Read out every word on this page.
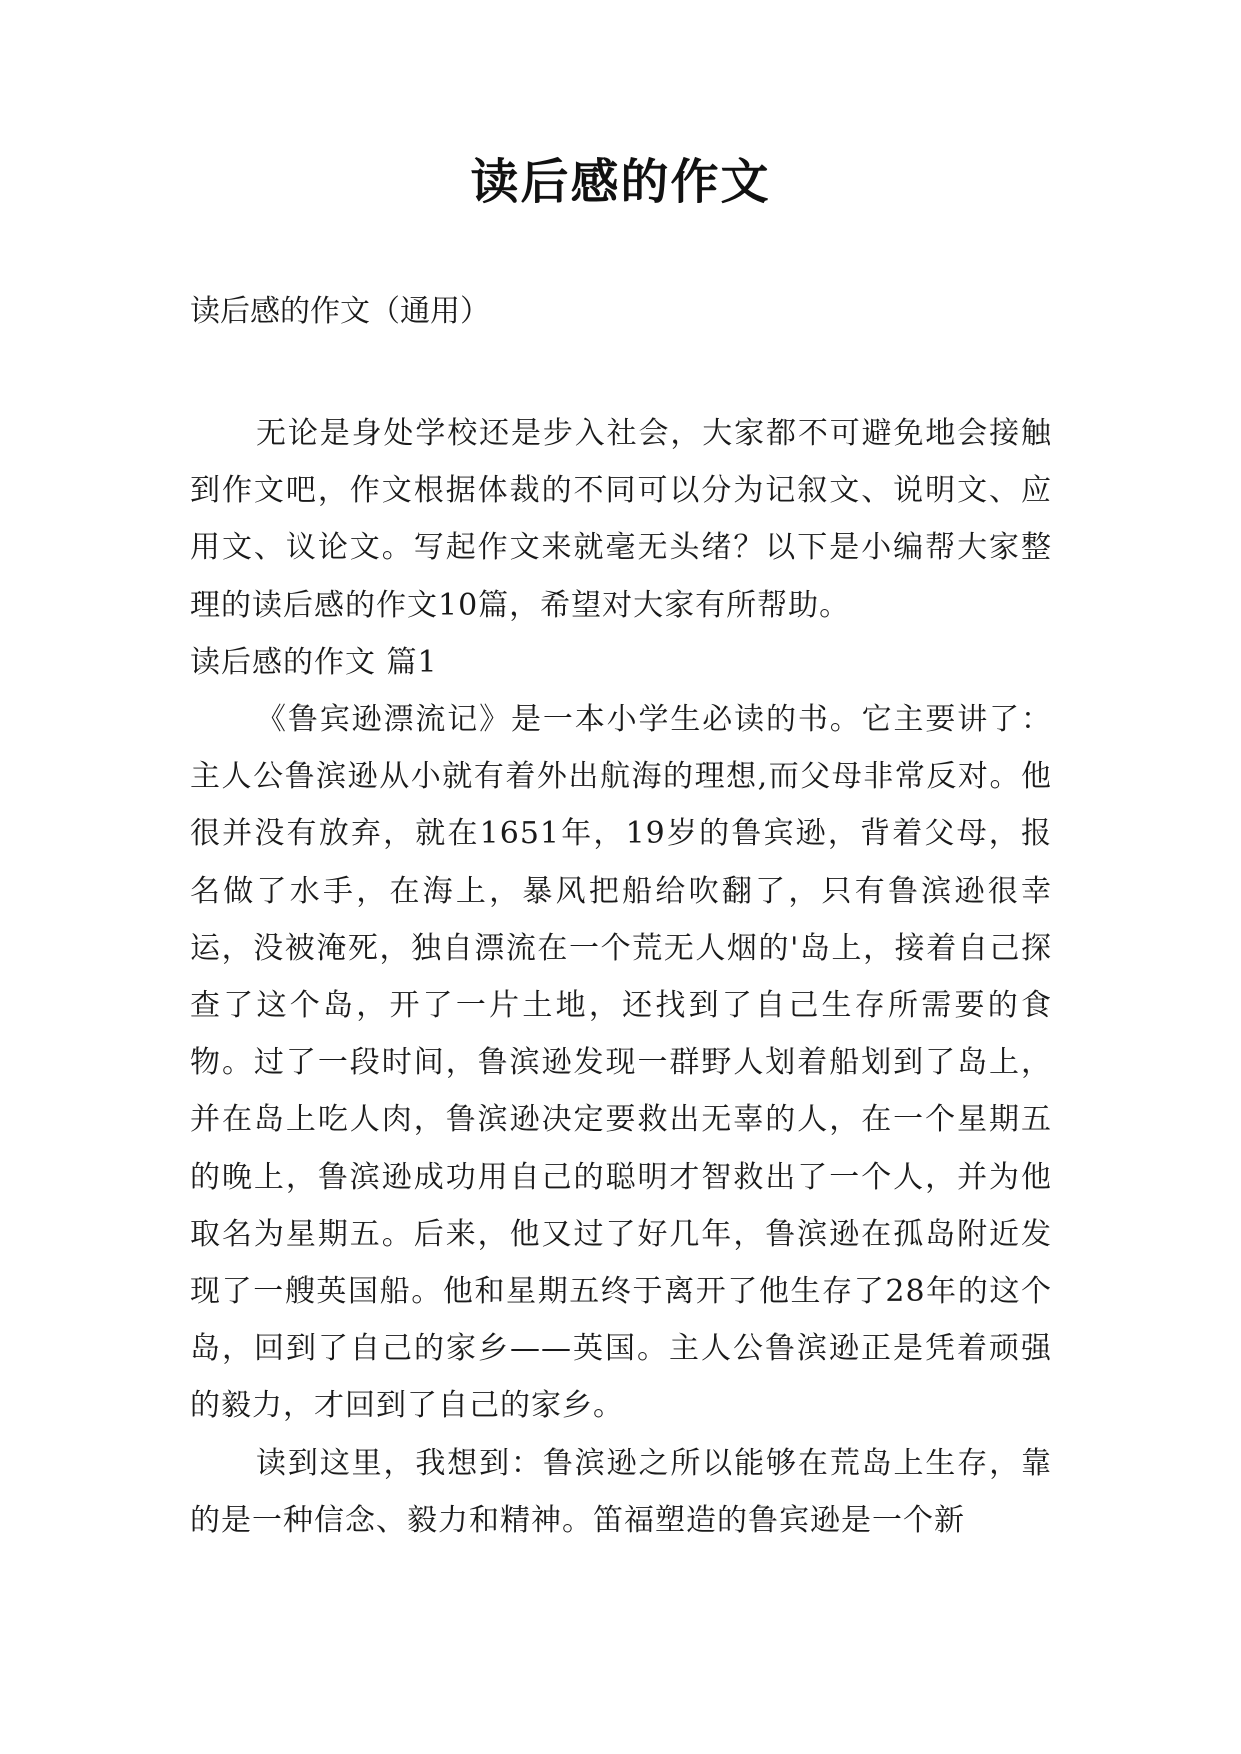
读后感的作文
读后感的作文（通用）

无论是身处学校还是步入社会，大家都不可避免地会接触到作文吧，作文根据体裁的不同可以分为记叙文、说明文、应用文、议论文。写起作文来就毫无头绪？以下是小编帮大家整理的读后感的作文10篇，希望对大家有所帮助。

读后感的作文 篇1

《鲁宾逊漂流记》是一本小学生必读的书。它主要讲了：主人公鲁滨逊从小就有着外出航海的理想,而父母非常反对。他很并没有放弃，就在1651年，19岁的鲁宾逊，背着父母，报名做了水手，在海上，暴风把船给吹翻了，只有鲁滨逊很幸运，没被淹死，独自漂流在一个荒无人烟的'岛上，接着自己探查了这个岛，开了一片土地，还找到了自己生存所需要的食物。过了一段时间，鲁滨逊发现一群野人划着船划到了岛上，并在岛上吃人肉，鲁滨逊决定要救出无辜的人，在一个星期五的晚上，鲁滨逊成功用自己的聪明才智救出了一个人，并为他取名为星期五。后来，他又过了好几年，鲁滨逊在孤岛附近发现了一艘英国船。他和星期五终于离开了他生存了28年的这个岛，回到了自己的家乡——英国。主人公鲁滨逊正是凭着顽强的毅力，才回到了自己的家乡。

读到这里，我想到：鲁滨逊之所以能够在荒岛上生存，靠的是一种信念、毅力和精神。笛福塑造的鲁宾逊是一个新
